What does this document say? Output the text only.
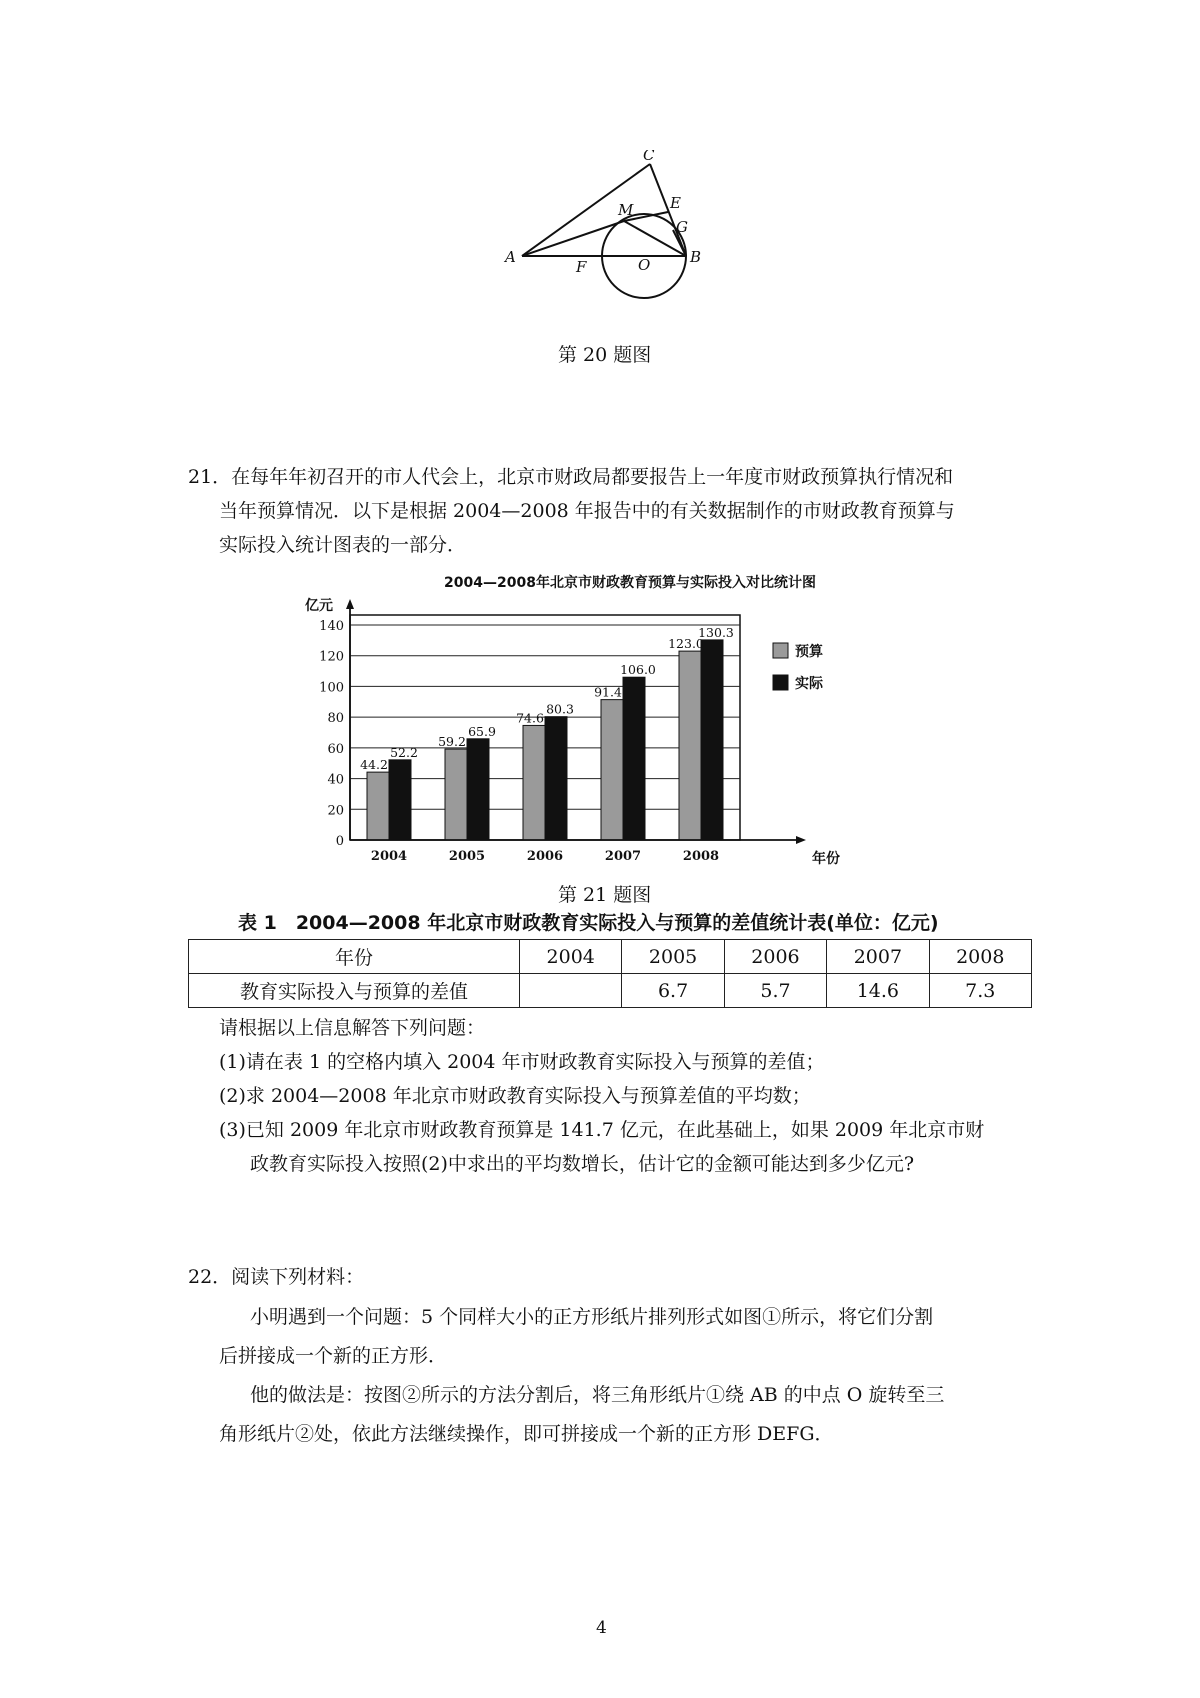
C
M E
G
A
F	O	B
第 20 题图
21．在每年年初召开的市人代会上，北京市财政局都要报告上一年度市财政预算执行情况和
当年预算情况．以下是根据 2004—2008 年报告中的有关数据制作的市财政教育预算与
实际投入统计图表的一部分．
2004—2008年北京市财政教育预算与实际投入对比统计图
亿元
年份
44.2
52.2
59.2
65.9
74.6
80.3
91.4
106.0
123.0
130.3
0
20
40
60
80
100
120
140
2004	2005	2006	2007	2008
预算
实际
第 21 题图
表 1　2004—2008 年北京市财政教育实际投入与预算的差值统计表(单位：亿元)
年份	2004	2005	2006	2007	2008
教育实际投入与预算的差值		6.7	5.7	14.6	7.3
请根据以上信息解答下列问题：
(1)请在表 1 的空格内填入 2004 年市财政教育实际投入与预算的差值；
(2)求 2004—2008 年北京市财政教育实际投入与预算差值的平均数；
(3)已知 2009 年北京市财政教育预算是 141.7 亿元，在此基础上，如果 2009 年北京市财
政教育实际投入按照(2)中求出的平均数增长，估计它的金额可能达到多少亿元?
22．阅读下列材料：
小明遇到一个问题：5 个同样大小的正方形纸片排列形式如图①所示，将它们分割
后拼接成一个新的正方形．
他的做法是：按图②所示的方法分割后，将三角形纸片①绕 AB 的中点 O 旋转至三
角形纸片②处，依此方法继续操作，即可拼接成一个新的正方形 DEFG．
4
